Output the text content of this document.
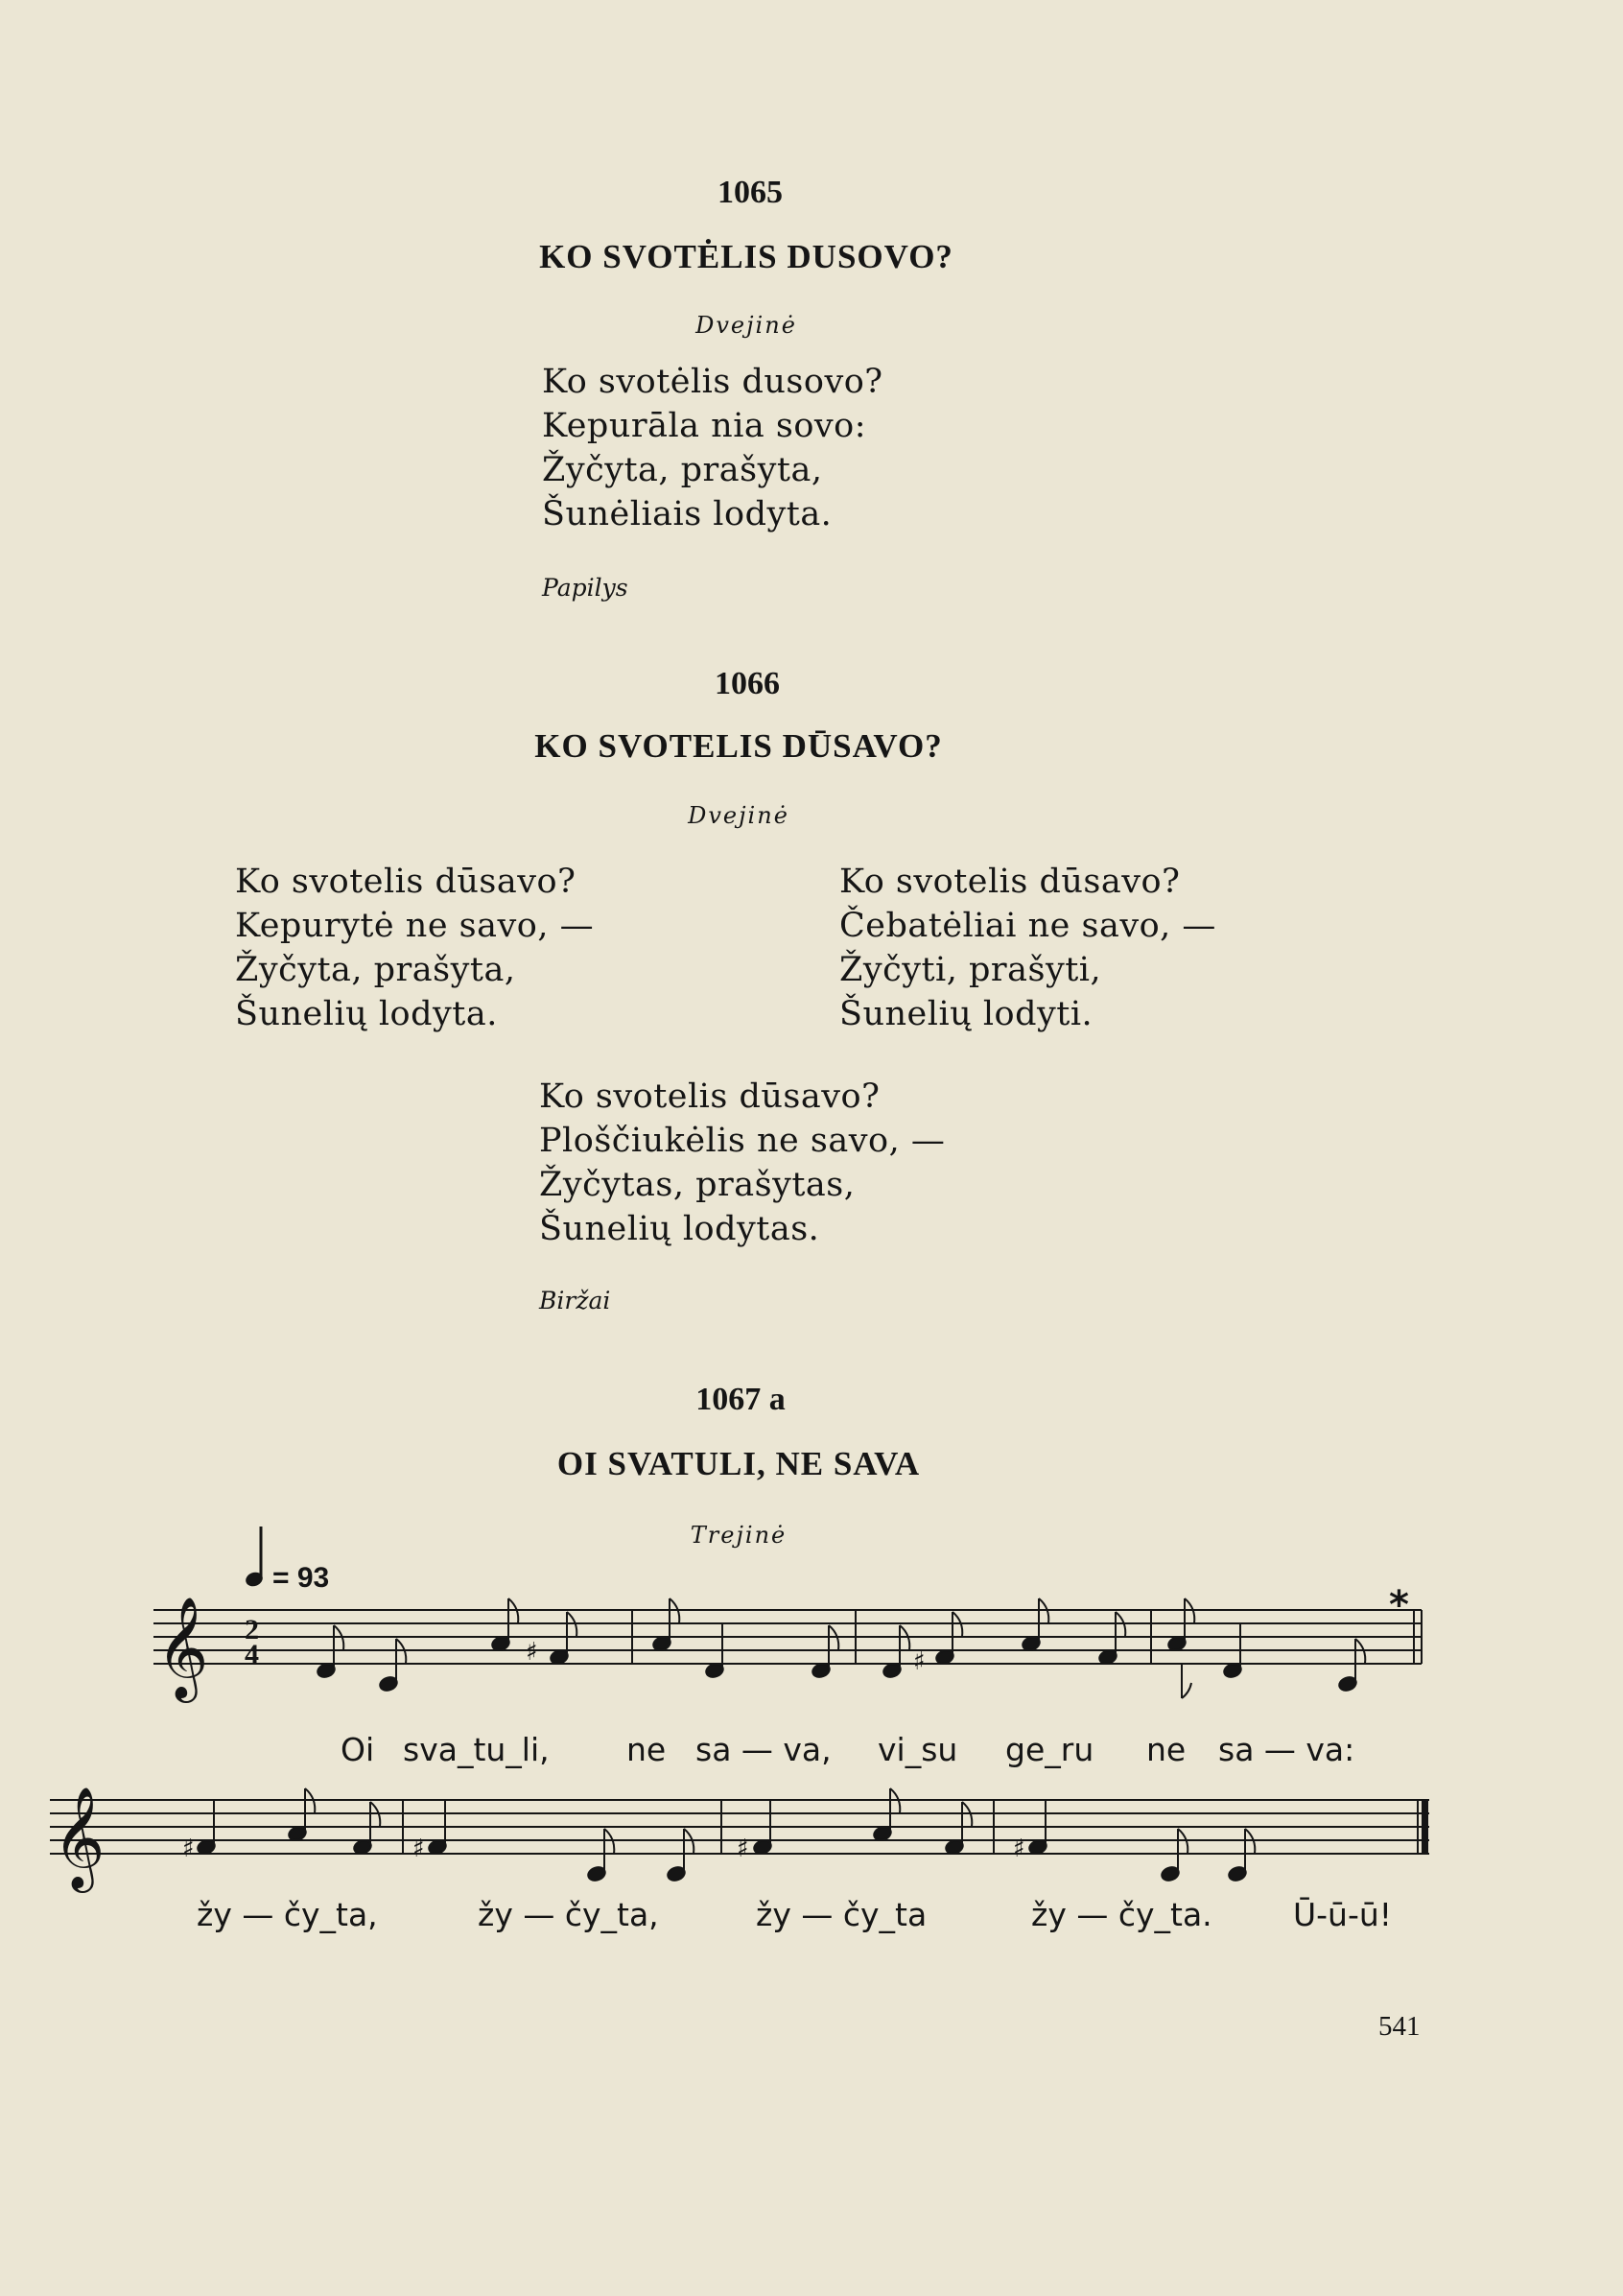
1065
KO SVOTĖLIS DUSOVO?
Dvejinė
Ko svotėlis dusovo?
Kepurāla nia sovo:
Žyčyta, prašyta,
Šunėliais lodyta.
Papilys
1066
KO SVOTELIS DŪSAVO?
Dvejinė
Ko svotelis dūsavo?
Kepurytė ne savo, —
Žyčyta, prašyta,
Šunelių lodyta.
Ko svotelis dūsavo?
Čebatėliai ne savo, —
Žyčyti, prašyti,
Šunelių lodyti.
Ko svotelis dūsavo?
Ploščiukėlis ne savo, —
Žyčytas, prašytas,
Šunelių lodytas.
Biržai
1067 a
OI SVATULI, NE SAVA
Trejinė
= 93
*
𝄞
𝄞
2
4	♯	♯
♯	♯	♯	♯
Oi sva_tu_li, ne sa — va, vi_su ge_ru ne sa — va:
žy — čy_ta,	žy — čy_ta,	žy — čy_ta	žy — čy_ta.	Ū-ū-ū!
541
